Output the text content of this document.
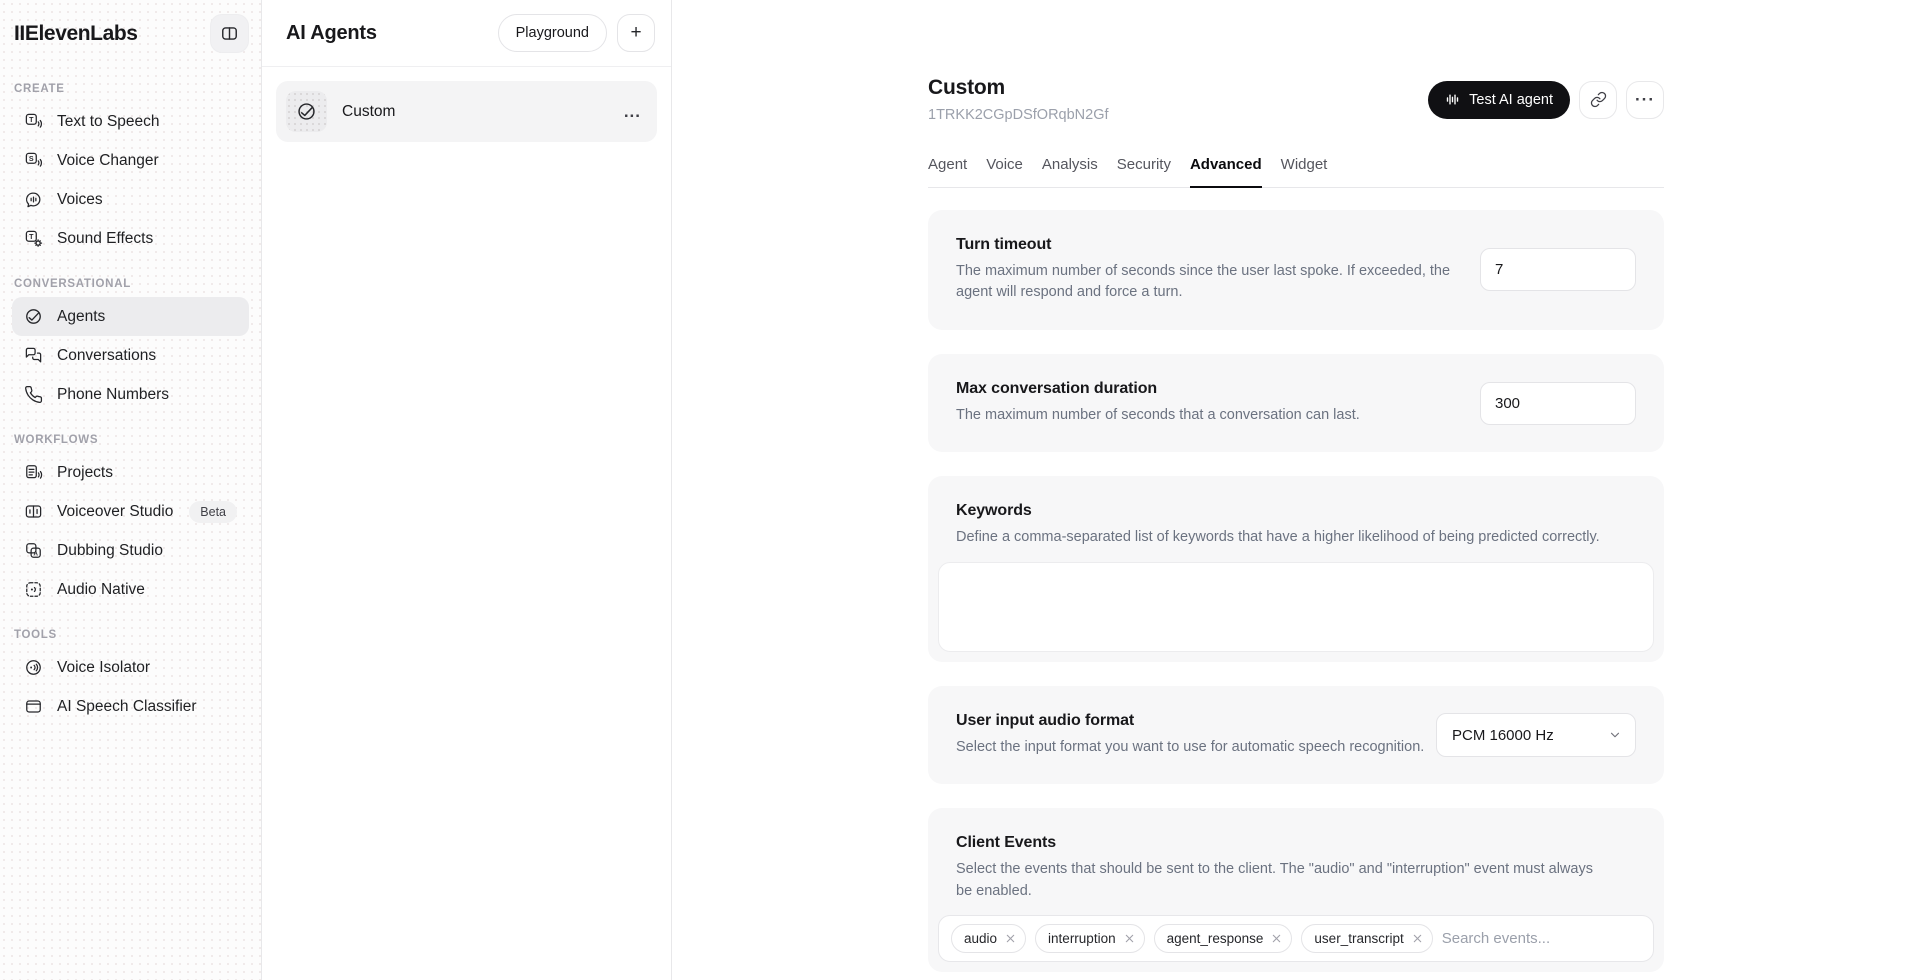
IIElevenLabs
CREATE
T Text to Speech
S Voice Changer
Voices
T Sound Effects
CONVERSATIONAL
Agents
Conversations
Phone Numbers
WORKFLOWS
Projects
Voiceover Studio	Beta
A Dubbing Studio
Audio Native
TOOLS
Voice Isolator
AI Speech Classifier
AI Agents	Playground	+
Custom	...
Custom
1TRKK2CGpDSfORqbN2Gf
Test AI agent	···
Agent Voice Analysis Security Advanced Widget
Turn timeout
The maximum number of seconds since the user last spoke. If exceeded, the agent will respond and force a turn.
7
Max conversation duration
The maximum number of seconds that a conversation can last.
300
Keywords
Define a comma-separated list of keywords that have a higher likelihood of being predicted correctly.
User input audio format
Select the input format you want to use for automatic speech recognition.
PCM 16000 Hz
Client Events
Select the events that should be sent to the client. The "audio" and "interruption" event must always be enabled.
audio	interruption	agent_response	user_transcript
Search events...
